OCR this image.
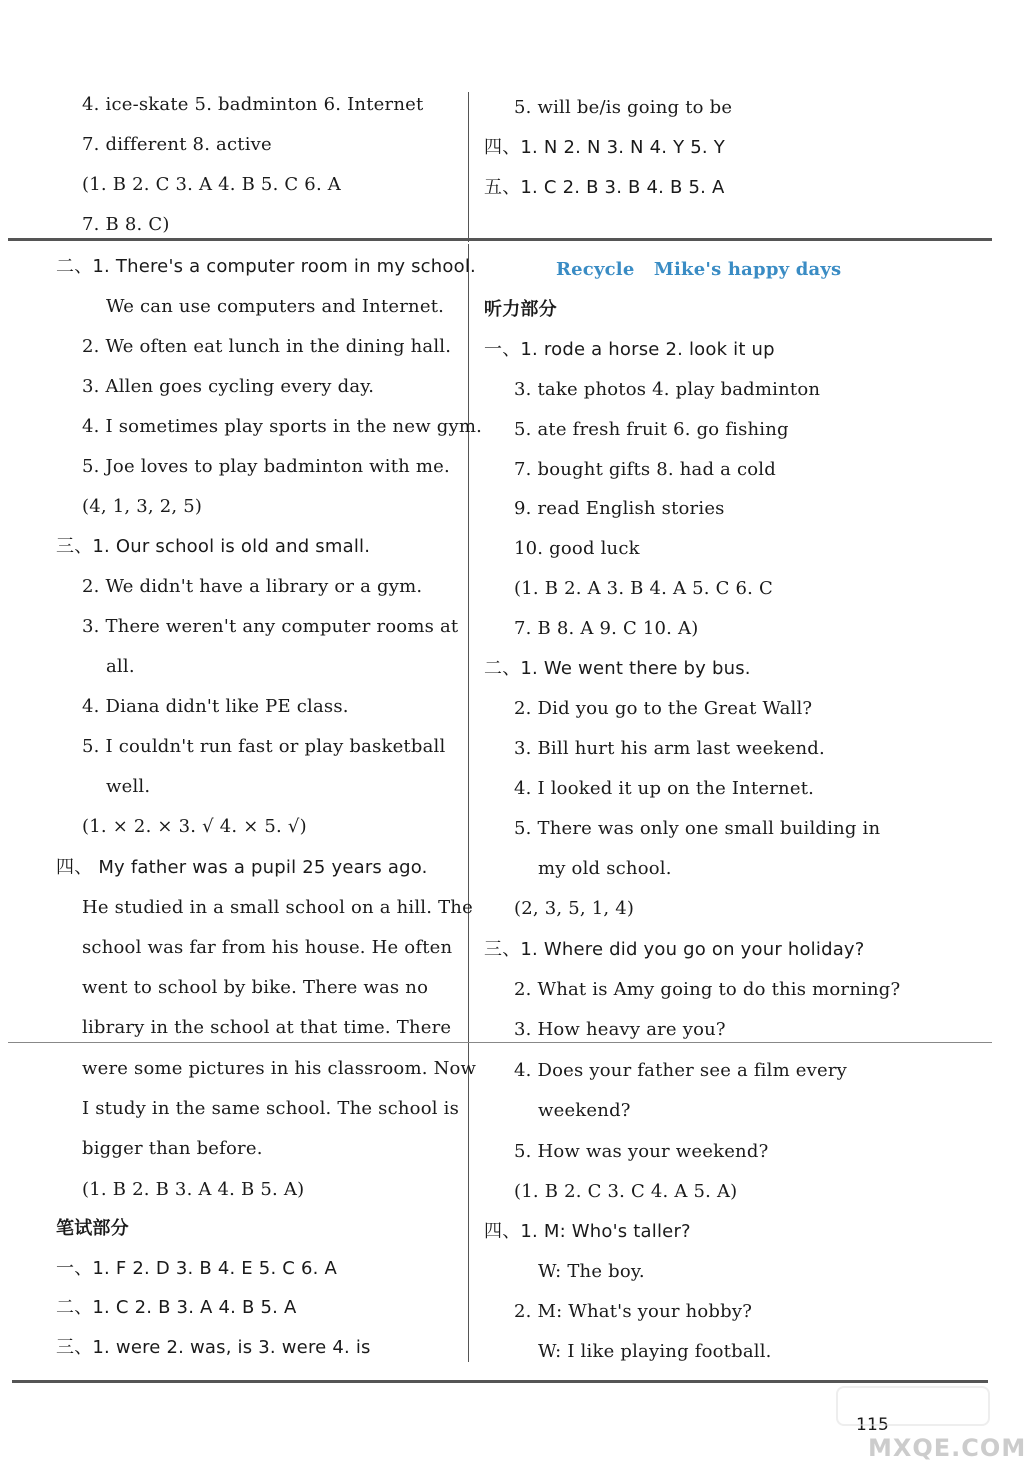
4. ice-skate 5. badminton 6. Internet
7. different 8. active
(1. B 2. C 3. A 4. B 5. C 6. A
7. B 8. C)
二、1. There's a computer room in my school.
We can use computers and Internet.
2. We often eat lunch in the dining hall.
3. Allen goes cycling every day.
4. I sometimes play sports in the new gym.
5. Joe loves to play badminton with me.
(4, 1, 3, 2, 5)
三、1. Our school is old and small.
2. We didn't have a library or a gym.
3. There weren't any computer rooms at
all.
4. Diana didn't like PE class.
5. I couldn't run fast or play basketball
well.
(1. × 2. × 3. √ 4. × 5. √)
四、 My father was a pupil 25 years ago.
He studied in a small school on a hill. The
school was far from his house. He often
went to school by bike. There was no
library in the school at that time. There
were some pictures in his classroom. Now
I study in the same school. The school is
bigger than before.
(1. B 2. B 3. A 4. B 5. A)
笔试部分
一、1. F 2. D 3. B 4. E 5. C 6. A
二、1. C 2. B 3. A 4. B 5. A
三、1. were 2. was, is 3. were 4. is
5. will be/is going to be
四、1. N 2. N 3. N 4. Y 5. Y
五、1. C 2. B 3. B 4. B 5. A
Recycle   Mike's happy days
听力部分
一、1. rode a horse 2. look it up
3. take photos 4. play badminton
5. ate fresh fruit 6. go fishing
7. bought gifts 8. had a cold
9. read English stories
10. good luck
(1. B 2. A 3. B 4. A 5. C 6. C
7. B 8. A 9. C 10. A)
二、1. We went there by bus.
2. Did you go to the Great Wall?
3. Bill hurt his arm last weekend.
4. I looked it up on the Internet.
5. There was only one small building in
my old school.
(2, 3, 5, 1, 4)
三、1. Where did you go on your holiday?
2. What is Amy going to do this morning?
3. How heavy are you?
4. Does your father see a film every
weekend?
5. How was your weekend?
(1. B 2. C 3. C 4. A 5. A)
四、1. M: Who's taller?
W: The boy.
2. M: What's your hobby?
W: I like playing football.
115
MXQE.COM
